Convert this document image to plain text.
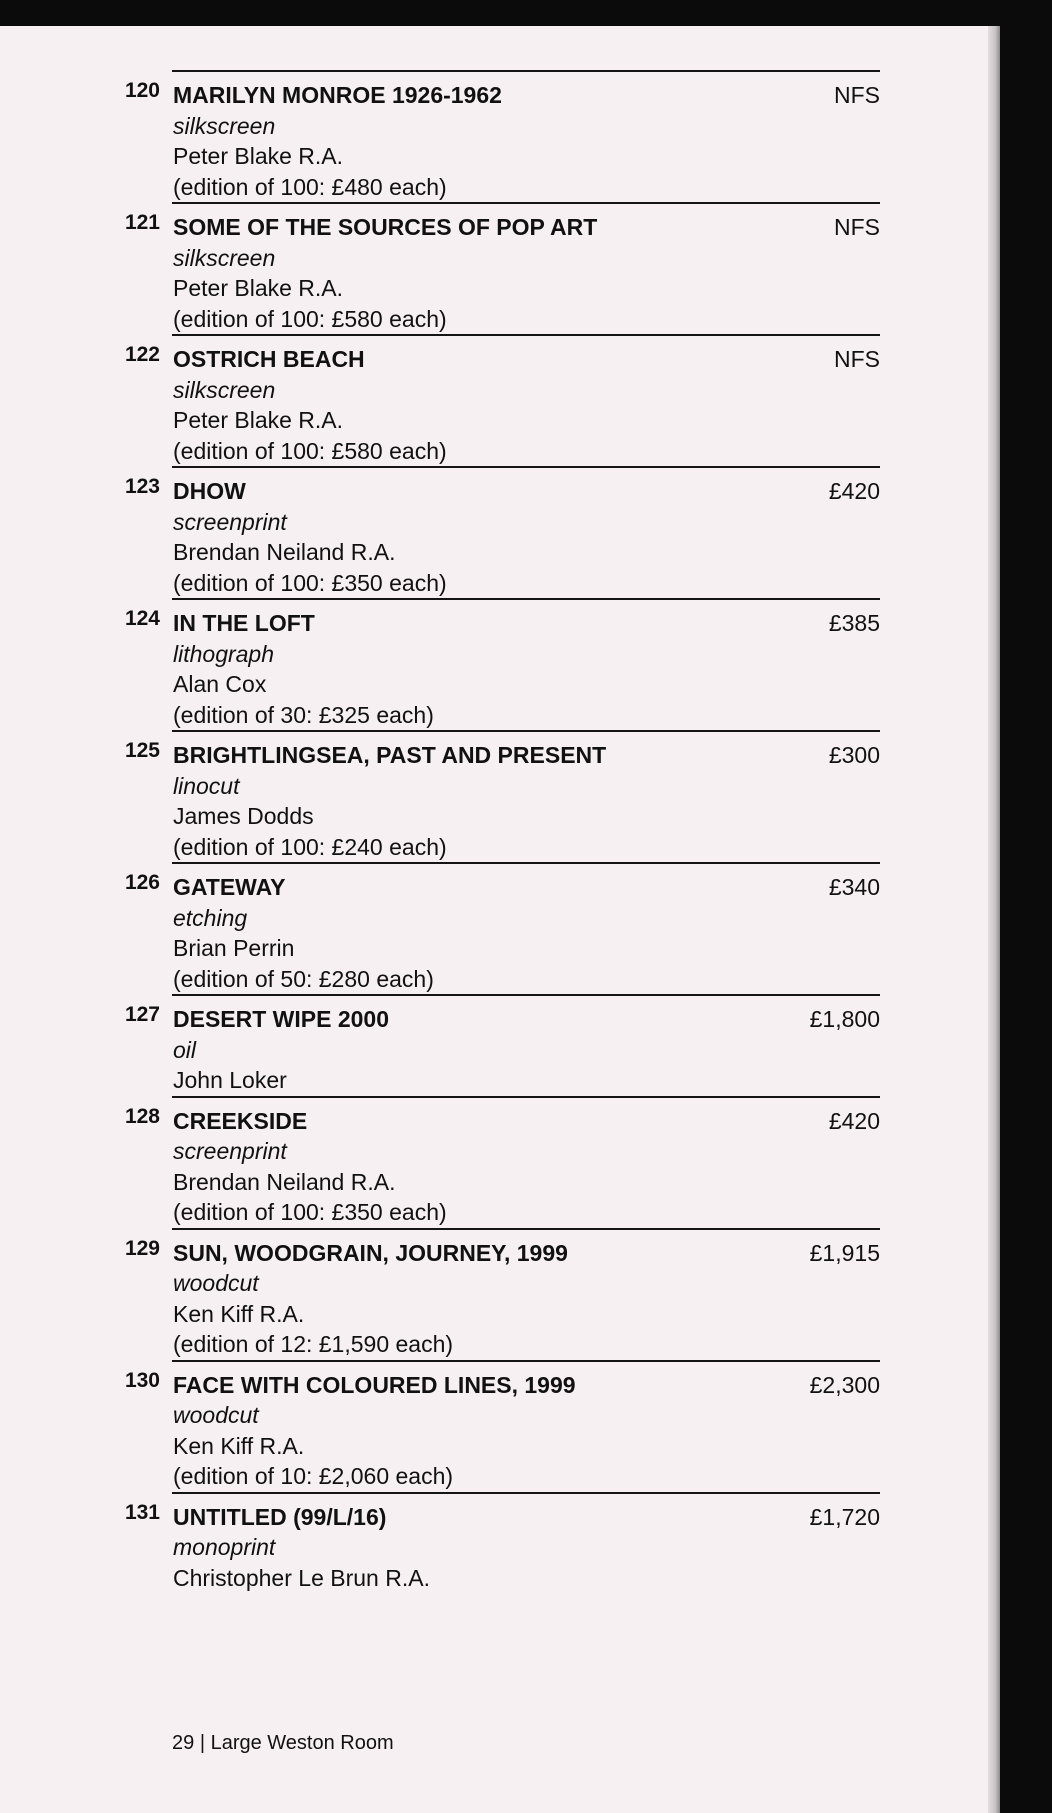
120	NFS
MARILYN MONROE 1926-1962
silkscreen
Peter Blake R.A.
(edition of 100: £480 each)
121	NFS
SOME OF THE SOURCES OF POP ART
silkscreen
Peter Blake R.A.
(edition of 100: £580 each)
122	NFS
OSTRICH BEACH
silkscreen
Peter Blake R.A.
(edition of 100: £580 each)
123	£420
DHOW
screenprint
Brendan Neiland R.A.
(edition of 100: £350 each)
124	£385
IN THE LOFT
lithograph
Alan Cox
(edition of 30: £325 each)
125	£300
BRIGHTLINGSEA, PAST AND PRESENT
linocut
James Dodds
(edition of 100: £240 each)
126	£340
GATEWAY
etching
Brian Perrin
(edition of 50: £280 each)
127	£1,800
DESERT WIPE 2000
oil
John Loker
128	£420
CREEKSIDE
screenprint
Brendan Neiland R.A.
(edition of 100: £350 each)
129	£1,915
SUN, WOODGRAIN, JOURNEY, 1999
woodcut
Ken Kiff R.A.
(edition of 12: £1,590 each)
130	£2,300
FACE WITH COLOURED LINES, 1999
woodcut
Ken Kiff R.A.
(edition of 10: £2,060 each)
131	£1,720
UNTITLED (99/L/16)
monoprint
Christopher Le Brun R.A.
29 | Large Weston Room
